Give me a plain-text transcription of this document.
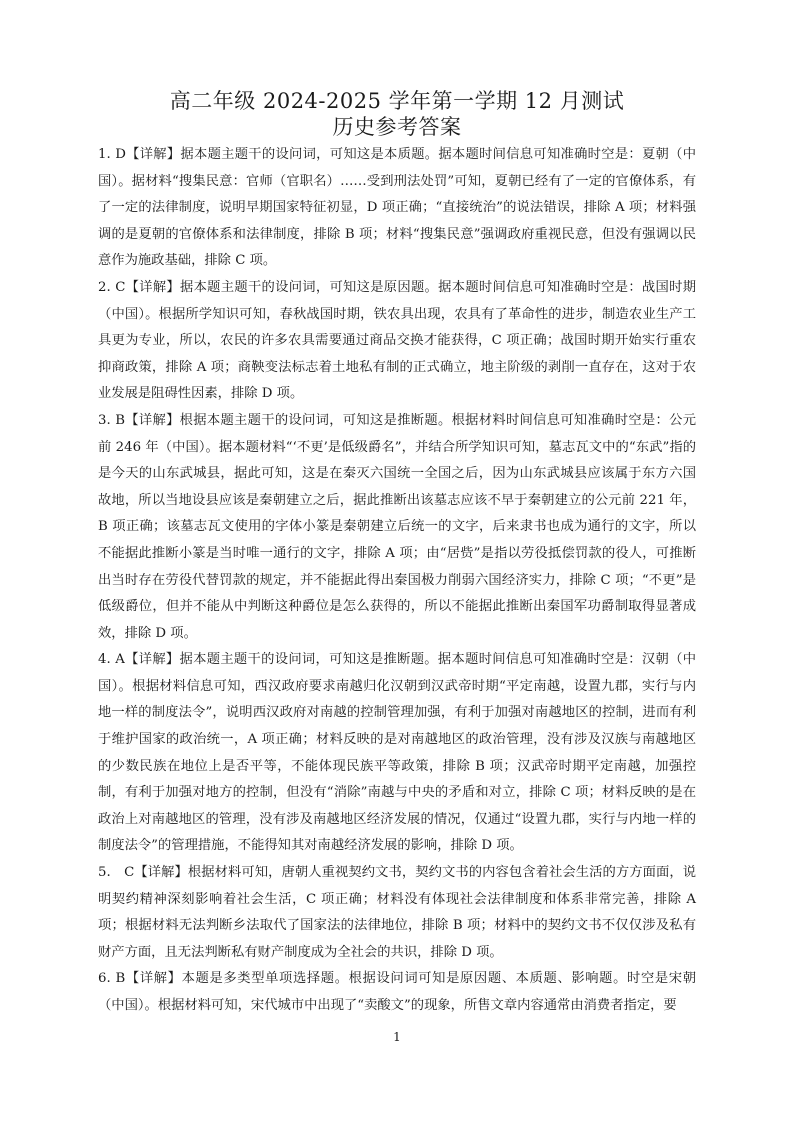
高二年级 2024-2025 学年第一学期 12 月测试
历史参考答案

1. D【详解】据本题主题干的设问词，可知这是本质题。据本题时间信息可知准确时空是：夏朝（中国）。据材料“搜集民意：官师（官职名）……受到刑法处罚”可知，夏朝已经有了一定的官僚体系，有了一定的法律制度，说明早期国家特征初显，D 项正确；“直接统治”的说法错误，排除 A 项；材料强调的是夏朝的官僚体系和法律制度，排除 B 项；材料“搜集民意”强调政府重视民意，但没有强调以民意作为施政基础，排除 C 项。

2. C【详解】据本题主题干的设问词，可知这是原因题。据本题时间信息可知准确时空是：战国时期（中国）。根据所学知识可知，春秋战国时期，铁农具出现，农具有了革命性的进步，制造农业生产工具更为专业，所以，农民的许多农具需要通过商品交换才能获得，C 项正确；战国时期开始实行重农抑商政策，排除 A 项；商鞅变法标志着土地私有制的正式确立，地主阶级的剥削一直存在，这对于农业发展是阻碍性因素，排除 D 项。

3. B【详解】根据本题主题干的设问词，可知这是推断题。根据材料时间信息可知准确时空是：公元前 246 年（中国）。据本题材料“‘不更’是低级爵名”，并结合所学知识可知，墓志瓦文中的“东武”指的是今天的山东武城县，据此可知，这是在秦灭六国统一全国之后，因为山东武城县应该属于东方六国故地，所以当地设县应该是秦朝建立之后，据此推断出该墓志应该不早于秦朝建立的公元前 221 年，B 项正确；该墓志瓦文使用的字体小篆是秦朝建立后统一的文字，后来隶书也成为通行的文字，所以不能据此推断小篆是当时唯一通行的文字，排除 A 项；由“居赀”是指以劳役抵偿罚款的役人，可推断出当时存在劳役代替罚款的规定，并不能据此得出秦国极力削弱六国经济实力，排除 C 项；“不更”是低级爵位，但并不能从中判断这种爵位是怎么获得的，所以不能据此推断出秦国军功爵制取得显著成效，排除 D 项。

4. A【详解】据本题主题干的设问词，可知这是推断题。据本题时间信息可知准确时空是：汉朝（中国）。根据材料信息可知，西汉政府要求南越归化汉朝到汉武帝时期“平定南越，设置九郡，实行与内地一样的制度法令”，说明西汉政府对南越的控制管理加强，有利于加强对南越地区的控制，进而有利于维护国家的政治统一，A 项正确；材料反映的是对南越地区的政治管理，没有涉及汉族与南越地区的少数民族在地位上是否平等，不能体现民族平等政策，排除 B 项；汉武帝时期平定南越，加强控制，有利于加强对地方的控制，但没有“消除”南越与中央的矛盾和对立，排除 C 项；材料反映的是在政治上对南越地区的管理，没有涉及南越地区经济发展的情况，仅通过“设置九郡，实行与内地一样的制度法令”的管理措施，不能得知其对南越经济发展的影响，排除 D 项。

5.　C【详解】根据材料可知，唐朝人重视契约文书，契约文书的内容包含着社会生活的方方面面，说明契约精神深刻影响着社会生活，C 项正确；材料没有体现社会法律制度和体系非常完善，排除 A 项；根据材料无法判断乡法取代了国家法的法律地位，排除 B 项；材料中的契约文书不仅仅涉及私有财产方面，且无法判断私有财产制度成为全社会的共识，排除 D 项。

6. B【详解】本题是多类型单项选择题。根据设问词可知是原因题、本质题、影响题。时空是宋朝（中国）。根据材料可知，宋代城市中出现了“卖酸文”的现象，所售文章内容通常由消费者指定，要

1
